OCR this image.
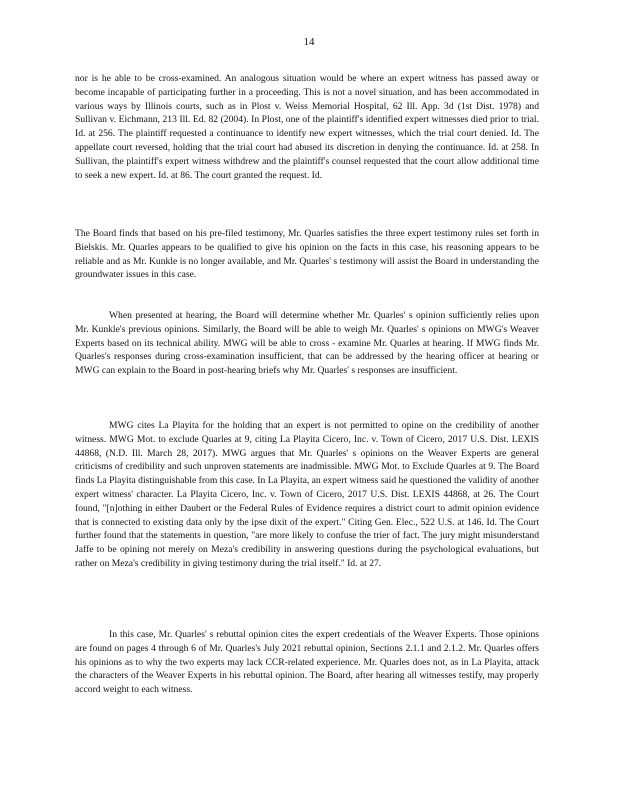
14

nor is he able to be cross-examined. An analogous situation would be where an expert witness has passed away or become incapable of participating further in a proceeding. This is not a novel situation, and has been accommodated in various ways by Illinois courts, such as in Plost v. Weiss Memorial Hospital, 62 Ill. App. 3d (1st Dist. 1978) and Sullivan v. Eichmann, 213 Ill. Ed. 82 (2004). In Plost, one of the plaintiff's identified expert witnesses died prior to trial. Id. at 256. The plaintiff requested a continuance to identify new expert witnesses, which the trial court denied. Id. The appellate court reversed, holding that the trial court had abused its discretion in denying the continuance. Id. at 258. In Sullivan, the plaintiff's expert witness withdrew and the plaintiff's counsel requested that the court allow additional time to seek a new expert. Id. at 86. The court granted the request. Id.

The Board finds that based on his pre-filed testimony, Mr. Quarles satisfies the three expert testimony rules set forth in Bielskis. Mr. Quarles appears to be qualified to give his opinion on the facts in this case, his reasoning appears to be reliable and as Mr. Kunkle is no longer available, and Mr. Quarles' s testimony will assist the Board in understanding the groundwater issues in this case.

When presented at hearing, the Board will determine whether Mr. Quarles' s opinion sufficiently relies upon Mr. Kunkle's previous opinions. Similarly, the Board will be able to weigh Mr. Quarles' s opinions on MWG's Weaver Experts based on its technical ability. MWG will be able to cross - examine Mr. Quarles at hearing. If MWG finds Mr. Quarles's responses during cross-examination insufficient, that can be addressed by the hearing officer at hearing or MWG can explain to the Board in post-hearing briefs why Mr. Quarles' s responses are insufficient.

MWG cites La Playita for the holding that an expert is not permitted to opine on the credibility of another witness. MWG Mot. to exclude Quarles at 9, citing La Playita Cicero, Inc. v. Town of Cicero, 2017 U.S. Dist. LEXIS 44868, (N.D. Ill. March 28, 2017). MWG argues that Mr. Quarles' s opinions on the Weaver Experts are general criticisms of credibility and such unproven statements are inadmissible. MWG Mot. to Exclude Quarles at 9. The Board finds La Playita distinguishable from this case. In La Playita, an expert witness said he questioned the validity of another expert witness' character. La Playita Cicero, Inc. v. Town of Cicero, 2017 U.S. Dist. LEXIS 44868, at 26. The Court found, "[n]othing in either Daubert or the Federal Rules of Evidence requires a district court to admit opinion evidence that is connected to existing data only by the ipse dixit of the expert." Citing Gen. Elec., 522 U.S. at 146. Id. The Court further found that the statements in question, "are more likely to confuse the trier of fact. The jury might misunderstand Jaffe to be opining not merely on Meza's credibility in answering questions during the psychological evaluations, but rather on Meza's credibility in giving testimony during the trial itself." Id. at 27.

In this case, Mr. Quarles' s rebuttal opinion cites the expert credentials of the Weaver Experts. Those opinions are found on pages 4 through 6 of Mr. Quarles's July 2021 rebuttal opinion, Sections 2.1.1 and 2.1.2. Mr. Quarles offers his opinions as to why the two experts may lack CCR-related experience. Mr. Quarles does not, as in La Playita, attack the characters of the Weaver Experts in his rebuttal opinion. The Board, after hearing all witnesses testify, may properly accord weight to each witness.
